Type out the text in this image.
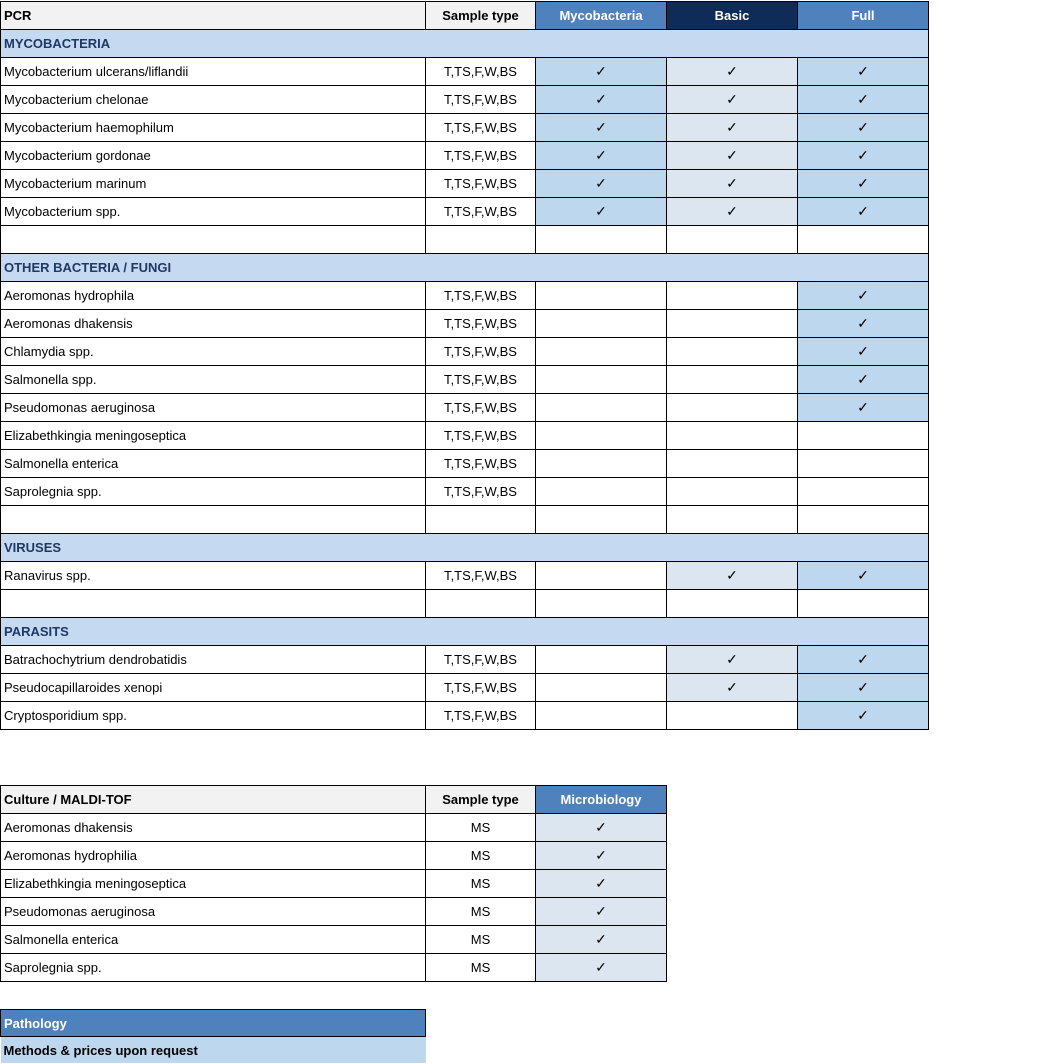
PCR	Sample type	Mycobacteria	Basic	Full
MYCOBACTERIA				
Mycobacterium ulcerans/liflandii	T,TS,F,W,BS	✓	✓	✓
Mycobacterium chelonae	T,TS,F,W,BS	✓	✓	✓
Mycobacterium haemophilum	T,TS,F,W,BS	✓	✓	✓
Mycobacterium gordonae	T,TS,F,W,BS	✓	✓	✓
Mycobacterium marinum	T,TS,F,W,BS	✓	✓	✓
Mycobacterium spp.	T,TS,F,W,BS	✓	✓	✓

OTHER BACTERIA / FUNGI				
Aeromonas hydrophila	T,TS,F,W,BS			✓
Aeromonas dhakensis	T,TS,F,W,BS			✓
Chlamydia spp.	T,TS,F,W,BS			✓
Salmonella spp.	T,TS,F,W,BS			✓
Pseudomonas aeruginosa	T,TS,F,W,BS			✓
Elizabethkingia meningoseptica	T,TS,F,W,BS			
Salmonella enterica	T,TS,F,W,BS			
Saprolegnia spp.	T,TS,F,W,BS			

VIRUSES				
Ranavirus spp.	T,TS,F,W,BS		✓	✓

PARASITS				
Batrachochytrium dendrobatidis	T,TS,F,W,BS		✓	✓
Pseudocapillaroides xenopi	T,TS,F,W,BS		✓	✓
Cryptosporidium spp.	T,TS,F,W,BS			✓
Culture / MALDI-TOF	Sample type	Microbiology
Aeromonas dhakensis	MS	✓
Aeromonas hydrophilia	MS	✓
Elizabethkingia meningoseptica	MS	✓
Pseudomonas aeruginosa	MS	✓
Salmonella enterica	MS	✓
Saprolegnia spp.	MS	✓
Pathology
Methods & prices upon request
